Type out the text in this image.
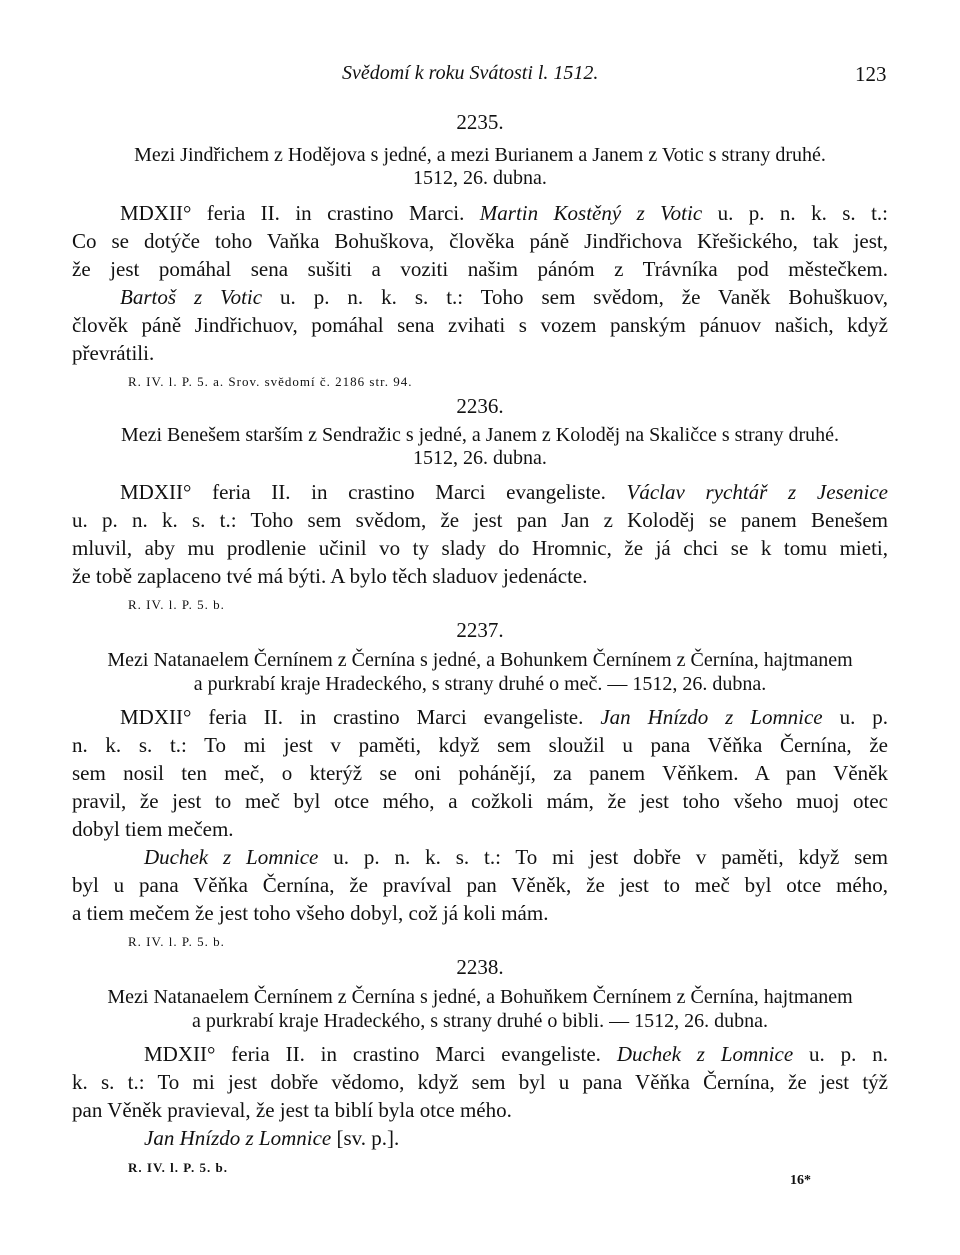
Svědomí k roku Svátosti l. 1512.	123
2235.
Mezi Jindřichem z Hodějova s jedné, a mezi Burianem a Janem z Votic s strany druhé.
1512, 26. dubna.
MDXII° feria II. in crastino Marci. Martin Kostěný z Votic u. p. n. k. s. t.:
Co se dotýče toho Vaňka Bohuškova, člověka páně Jindřichova Křešického, tak jest,
že jest pomáhal sena sušiti a voziti našim pánóm z Trávníka pod městečkem.
Bartoš z Votic u. p. n. k. s. t.: Toho sem svědom, že Vaněk Bohuškuov,
člověk páně Jindřichuov, pomáhal sena zvihati s vozem panským pánuov našich, když
převrátili.
R. IV. l. P. 5. a. Srov. svědomí č. 2186 str. 94.
2236.
Mezi Benešem starším z Sendražic s jedné, a Janem z Koloděj na Skaličce s strany druhé.
1512, 26. dubna.
MDXII° feria II. in crastino Marci evangeliste. Václav rychtář z Jesenice
u. p. n. k. s. t.: Toho sem svědom, že jest pan Jan z Koloděj se panem Benešem
mluvil, aby mu prodlenie učinil vo ty slady do Hromnic, že já chci se k tomu mieti,
že tobě zaplaceno tvé má býti. A bylo těch sladuov jedenácte.
R. IV. l. P. 5. b.
2237.
Mezi Natanaelem Černínem z Černína s jedné, a Bohunkem Černínem z Černína, hajtmanem
a purkrabí kraje Hradeckého, s strany druhé o meč. — 1512, 26. dubna.
MDXII° feria II. in crastino Marci evangeliste. Jan Hnízdo z Lomnice u. p.
n. k. s. t.: To mi jest v paměti, když sem sloužil u pana Věňka Černína, že
sem nosil ten meč, o kterýž se oni pohánějí, za panem Věňkem. A pan Věněk
pravil, že jest to meč byl otce mého, a cožkoli mám, že jest toho všeho muoj otec
dobyl tiem mečem.
Duchek z Lomnice u. p. n. k. s. t.: To mi jest dobře v paměti, když sem
byl u pana Věňka Černína, že pravíval pan Věněk, že jest to meč byl otce mého,
a tiem mečem že jest toho všeho dobyl, což já koli mám.
R. IV. l. P. 5. b.
2238.
Mezi Natanaelem Černínem z Černína s jedné, a Bohuňkem Černínem z Černína, hajtmanem
a purkrabí kraje Hradeckého, s strany druhé o bibli. — 1512, 26. dubna.
MDXII° feria II. in crastino Marci evangeliste. Duchek z Lomnice u. p. n.
k. s. t.: To mi jest dobře vědomo, když sem byl u pana Věňka Černína, že jest týž
pan Věněk pravieval, že jest ta biblí byla otce mého.
Jan Hnízdo z Lomnice [sv. p.].
R. IV. l. P. 5. b.
16*
